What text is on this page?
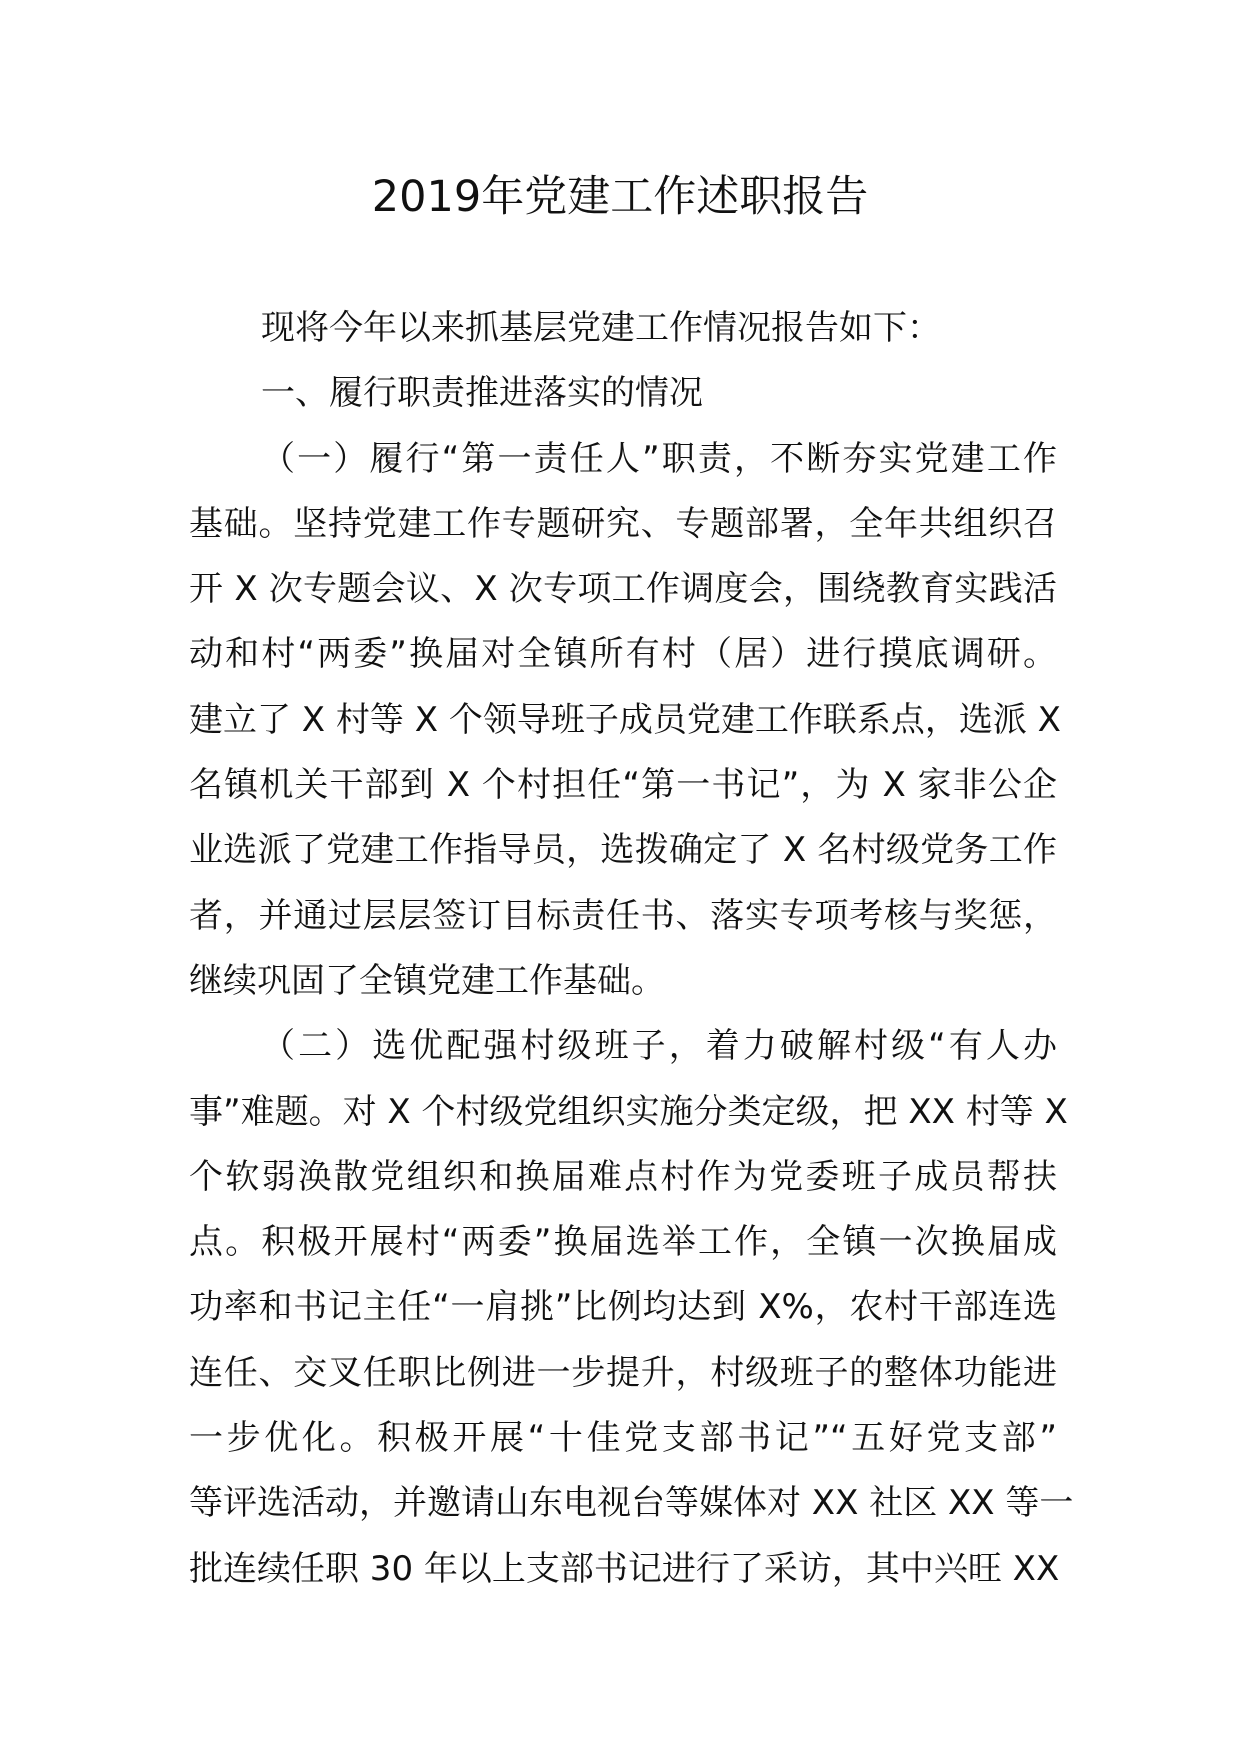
2019年党建工作述职报告
现将今年以来抓基层党建工作情况报告如下：
一、履行职责推进落实的情况
（一）履行“第一责任人”职责，不断夯实党建工作
基础。坚持党建工作专题研究、专题部署，全年共组织召
开 X 次专题会议、X 次专项工作调度会，围绕教育实践活
动和村“两委”换届对全镇所有村（居）进行摸底调研。
建立了 X 村等 X 个领导班子成员党建工作联系点，选派 X
名镇机关干部到 X 个村担任“第一书记”，为 X 家非公企
业选派了党建工作指导员，选拨确定了 X 名村级党务工作
者，并通过层层签订目标责任书、落实专项考核与奖惩，
继续巩固了全镇党建工作基础。
（二）选优配强村级班子，着力破解村级“有人办
事”难题。对 X 个村级党组织实施分类定级，把 XX 村等 X
个软弱涣散党组织和换届难点村作为党委班子成员帮扶
点。积极开展村“两委”换届选举工作，全镇一次换届成
功率和书记主任“一肩挑”比例均达到 X%，农村干部连选
连任、交叉任职比例进一步提升，村级班子的整体功能进
一步优化。积极开展“十佳党支部书记”“五好党支部”
等评选活动，并邀请山东电视台等媒体对 XX 社区 XX 等一
批连续任职 30 年以上支部书记进行了采访，其中兴旺 XX
